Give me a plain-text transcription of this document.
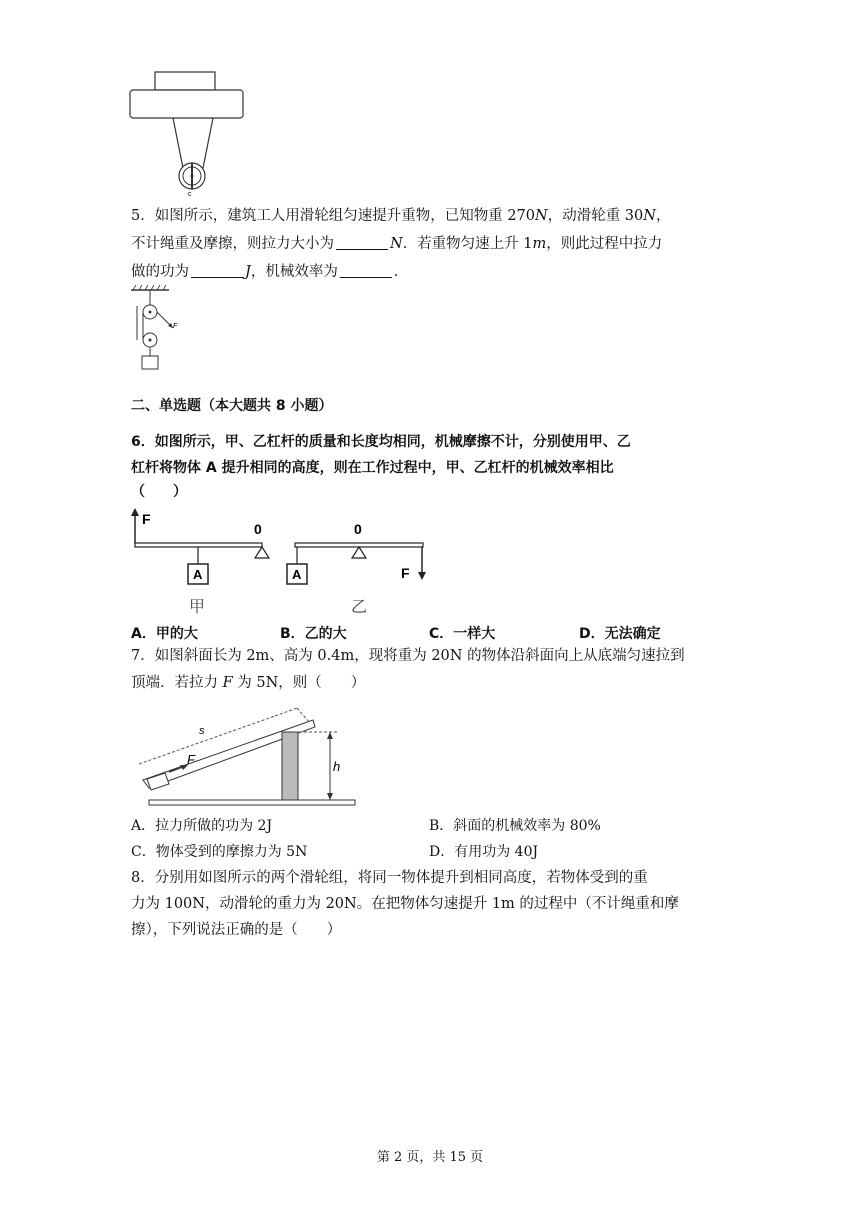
c
5．如图所示，建筑工人用滑轮组匀速提升重物，已知物重 270N，动滑轮重 30N，
不计绳重及摩擦，则拉力大小为	N．若重物匀速上升 1m，则此过程中拉力
做的功为	J，机械效率为	．
F
二、单选题（本大题共 8 小题）
6．如图所示，甲、乙杠杆的质量和长度均相同，机械摩擦不计，分别使用甲、乙
杠杆将物体 A 提升相同的高度，则在工作过程中，甲、乙杠杆的机械效率相比
（　　）
F
0
A
甲
0
A	F
乙
A．甲的大	B．乙的大	C．一样大	D．无法确定
7．如图斜面长为 2m、高为 0.4m，现将重为 20N 的物体沿斜面向上从底端匀速拉到
顶端．若拉力 F 为 5N，则（　　）
F
s
h
A．拉力所做的功为 2J	B．斜面的机械效率为 80%
C．物体受到的摩擦力为 5N	D．有用功为 40J
8．分别用如图所示的两个滑轮组，将同一物体提升到相同高度，若物体受到的重
力为 100N，动滑轮的重力为 20N。在把物体匀速提升 1m 的过程中（不计绳重和摩
擦），下列说法正确的是（　　）
第 2 页，共 15 页
